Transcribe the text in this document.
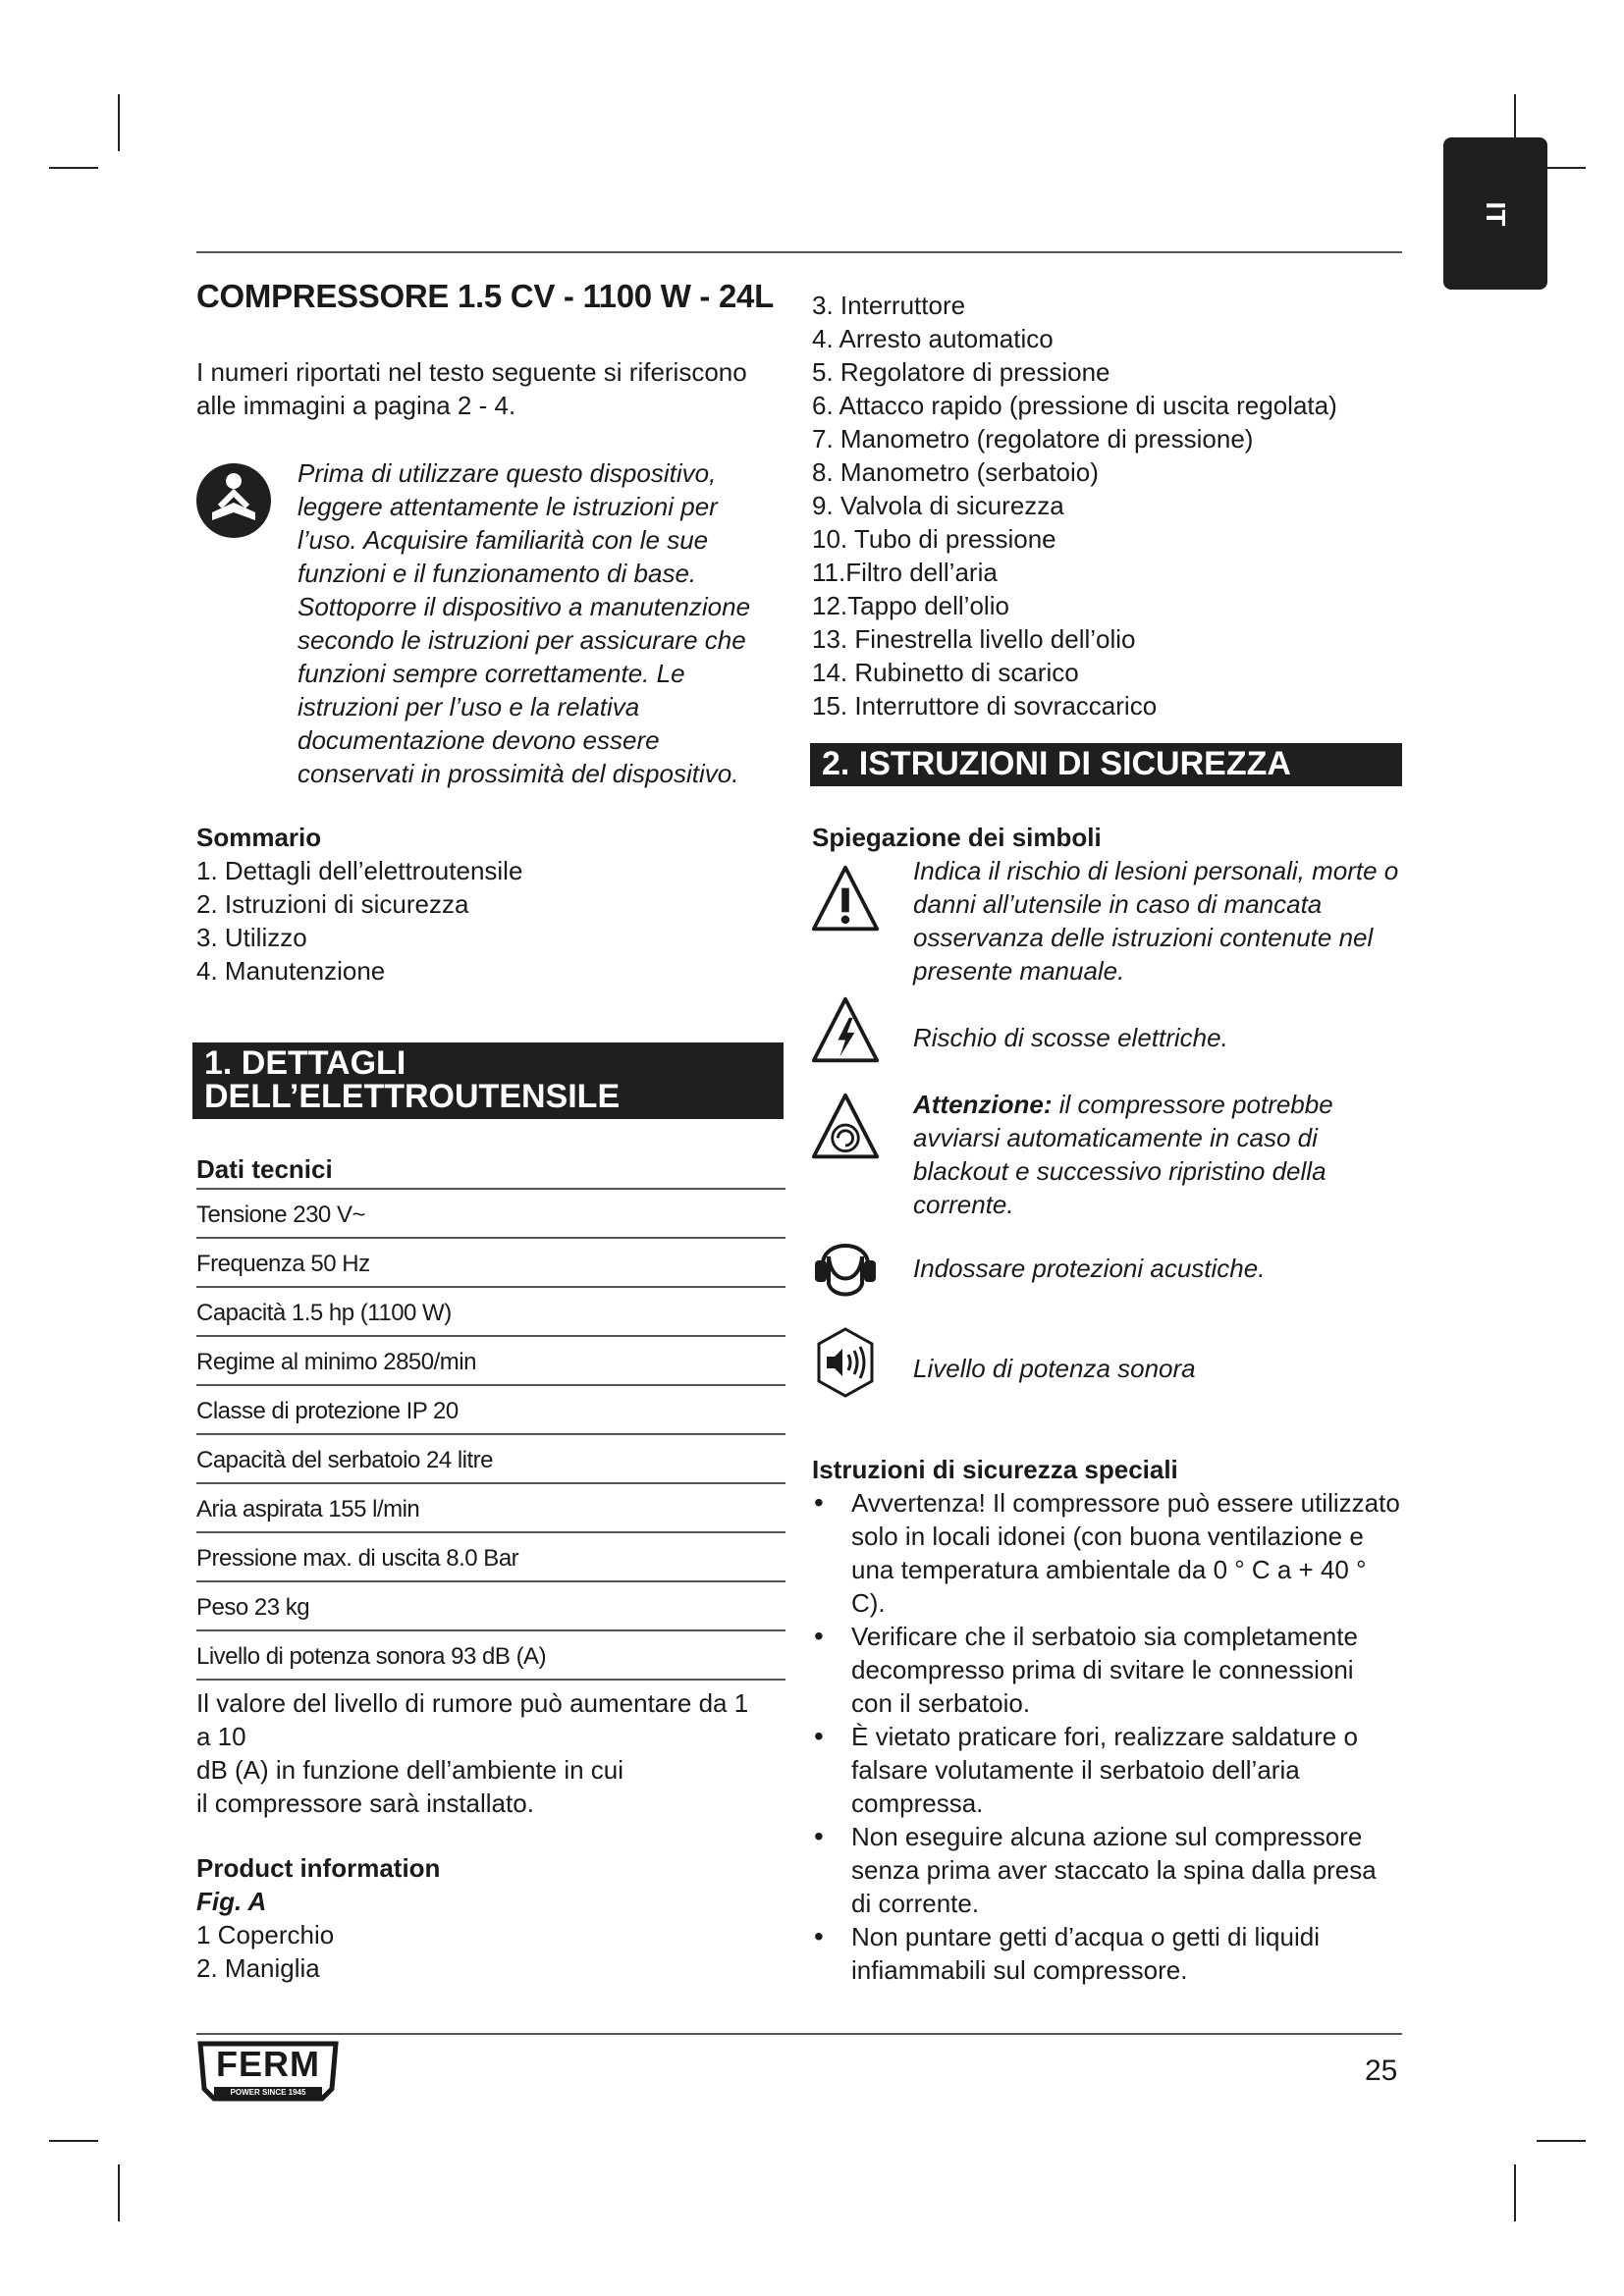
IT
COMPRESSORE 1.5 CV - 1100 W - 24L
I numeri riportati nel testo seguente si riferiscono alle immagini a pagina 2 - 4.
Prima di utilizzare questo dispositivo, leggere attentamente le istruzioni per l’uso. Acquisire familiarità con le sue funzioni e il funzionamento di base. Sottoporre il dispositivo a manutenzione secondo le istruzioni per assicurare che funzioni sempre correttamente. Le istruzioni per l’uso e la relativa documentazione devono essere conservati in prossimità del dispositivo.
Sommario
1. Dettagli dell’elettroutensile
2. Istruzioni di sicurezza
3. Utilizzo
4. Manutenzione
1. DETTAGLI
DELL’ELETTROUTENSILE
Dati tecnici
Tensione 230 V~
Frequenza 50 Hz
Capacità 1.5 hp (1100 W)
Regime al minimo 2850/min
Classe di protezione IP 20
Capacità del serbatoio 24 litre
Aria aspirata 155 l/min
Pressione max. di uscita 8.0 Bar
Peso 23 kg
Livello di potenza sonora 93 dB (A)
Il valore del livello di rumore può aumentare da 1
a 10
dB (A) in funzione dell’ambiente in cui
il compressore sarà installato.
Product information
Fig. A
1 Coperchio
2. Maniglia
3. Interruttore
4. Arresto automatico
5. Regolatore di pressione
6. Attacco rapido (pressione di uscita regolata)
7. Manometro (regolatore di pressione)
8. Manometro (serbatoio)
9. Valvola di sicurezza
10. Tubo di pressione
11.Filtro dell’aria
12.Tappo dell’olio
13. Finestrella livello dell’olio
14. Rubinetto di scarico
15. Interruttore di sovraccarico
2. ISTRUZIONI DI SICUREZZA
Spiegazione dei simboli
Indica il rischio di lesioni personali, morte o danni all’utensile in caso di mancata osservanza delle istruzioni contenute nel presente manuale.
Rischio di scosse elettriche.
Attenzione: il compressore potrebbe avviarsi automaticamente in caso di blackout e successivo ripristino della corrente.
Indossare protezioni acustiche.
Livello di potenza sonora
Istruzioni di sicurezza speciali
• Avvertenza! Il compressore può essere utilizzato solo in locali idonei (con buona ventilazione e una temperatura ambientale da 0 ° C a + 40 ° C).
• Verificare che il serbatoio sia completamente decompresso prima di svitare le connessioni con il serbatoio.
• È vietato praticare fori, realizzare saldature o falsare volutamente il serbatoio dell’aria compressa.
• Non eseguire alcuna azione sul compressore senza prima aver staccato la spina dalla presa di corrente.
• Non puntare getti d’acqua o getti di liquidi infiammabili sul compressore.
FERM
POWER SINCE 1945
25
